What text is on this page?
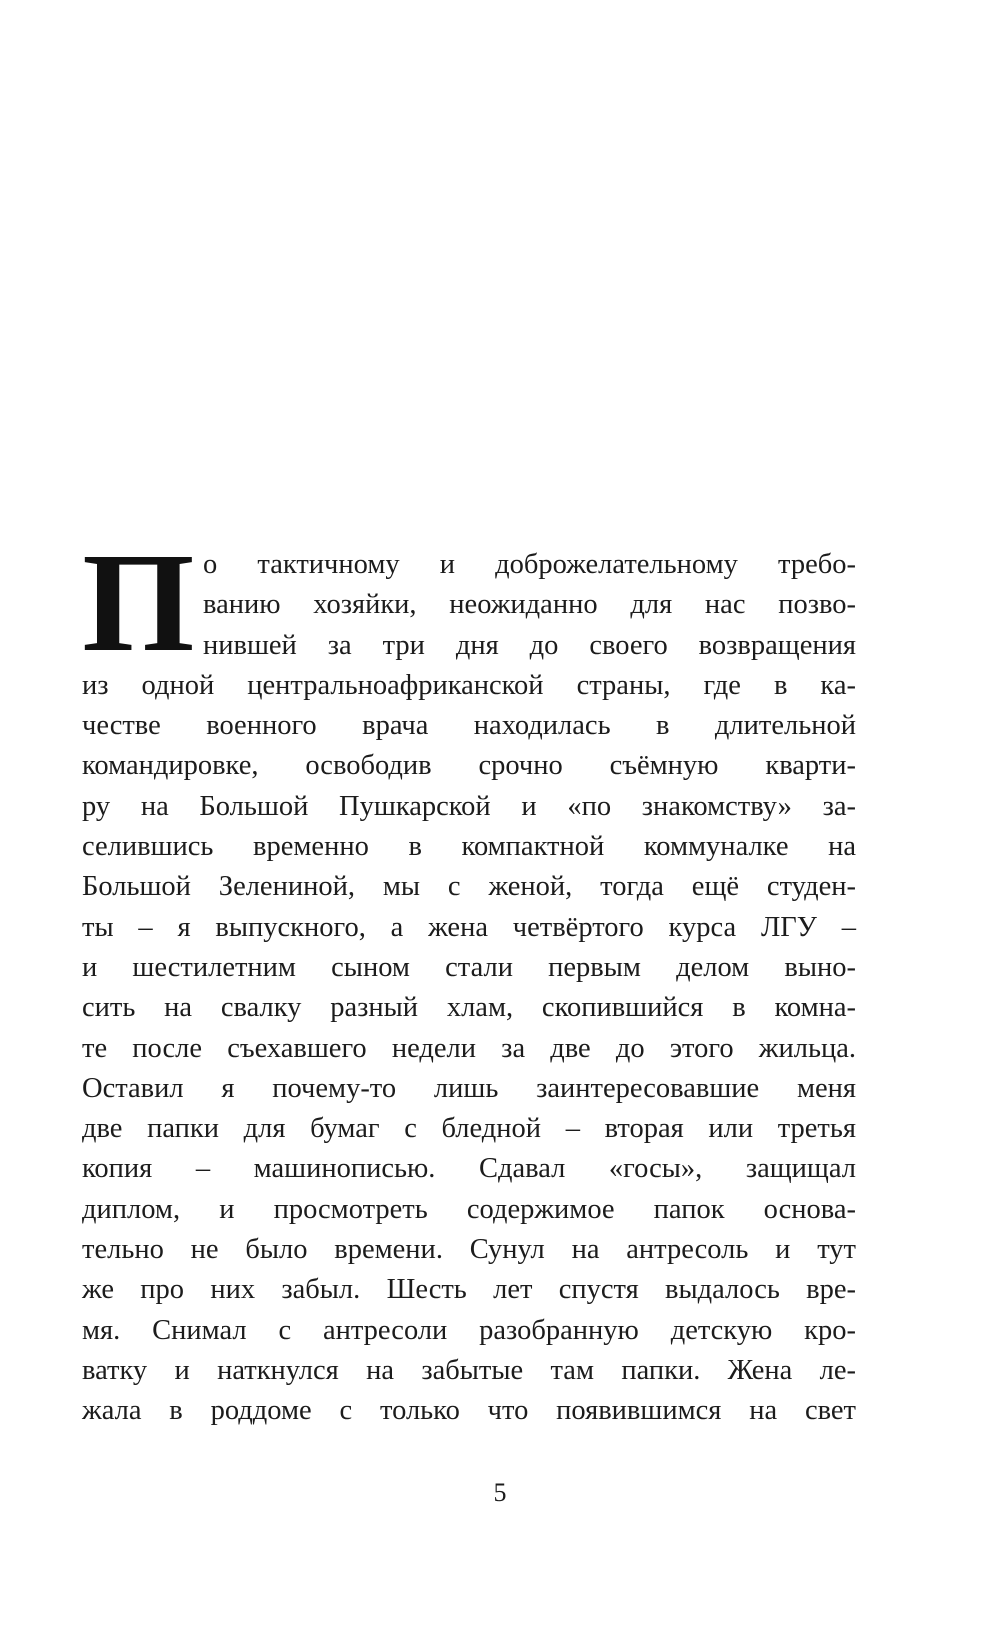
П о тактичному и доброжелательному требо-
ванию хозяйки, неожиданно для нас позво-
нившей за три дня до своего возвращения
из одной центральноафриканской страны, где в ка-
честве военного врача находилась в длительной
командировке, освободив срочно съёмную кварти-
ру на Большой Пушкарской и «по знакомству» за-
селившись временно в компактной коммуналке на
Большой Зелениной, мы с женой, тогда ещё студен-
ты – я выпускного, а жена четвёртого курса ЛГУ –
и шестилетним сыном стали первым делом выно-
сить на свалку разный хлам, скопившийся в комна-
те после съехавшего недели за две до этого жильца.
Оставил я почему-то лишь заинтересовавшие меня
две папки для бумаг с бледной – вторая или третья
копия – машинописью. Сдавал «госы», защищал
диплом, и просмотреть содержимое папок основа-
тельно не было времени. Сунул на антресоль и тут
же про них забыл. Шесть лет спустя выдалось вре-
мя. Снимал с антресоли разобранную детскую кро-
ватку и наткнулся на забытые там папки. Жена ле-
жала в роддоме с только что появившимся на свет
5
